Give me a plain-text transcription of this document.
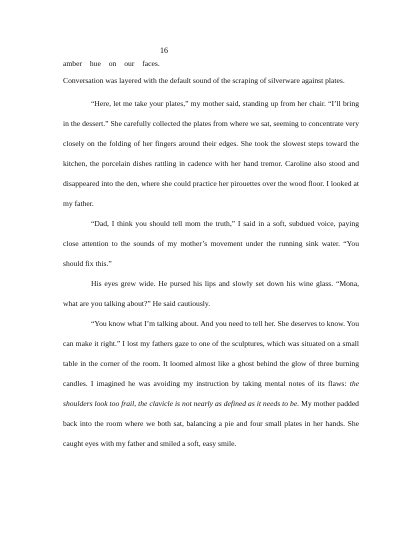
16

amber hue on our faces.

Conversation was layered with the default sound of the scraping of silverware against plates.

“Here, let me take your plates,” my mother said, standing up from her chair. “I’ll bring in the dessert.” She carefully collected the plates from where we sat, seeming to concentrate very closely on the folding of her fingers around their edges. She took the slowest steps toward the kitchen, the porcelain dishes rattling in cadence with her hand tremor. Caroline also stood and disappeared into the den, where she could practice her pirouettes over the wood floor. I looked at my father.

“Dad, I think you should tell mom the truth,” I said in a soft, subdued voice, paying close attention to the sounds of my mother’s movement under the running sink water. “You should fix this.”

His eyes grew wide. He pursed his lips and slowly set down his wine glass. “Mona, what are you talking about?” He said cautiously.

“You know what I’m talking about. And you need to tell her. She deserves to know. You can make it right.” I lost my fathers gaze to one of the sculptures, which was situated on a small table in the corner of the room. It loomed almost like a ghost behind the glow of three burning candles. I imagined he was avoiding my instruction by taking mental notes of its flaws: the shoulders look too frail, the clavicle is not nearly as defined as it needs to be. My mother padded back into the room where we both sat, balancing a pie and four small plates in her hands. She caught eyes with my father and smiled a soft, easy smile.
